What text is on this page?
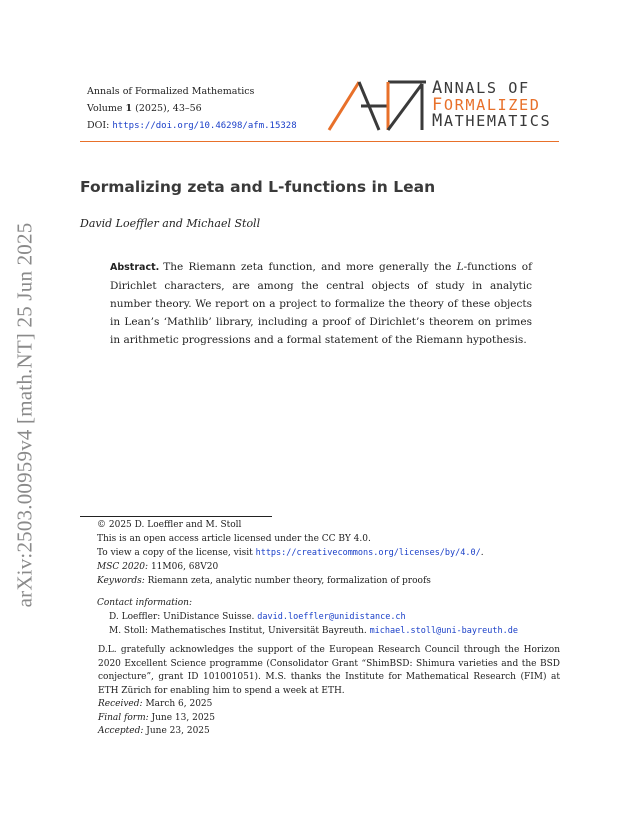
arXiv:2503.00959v4 [math.NT] 25 Jun 2025
Annals of Formalized Mathematics
Volume 1 (2025), 43–56
DOI: https://doi.org/10.46298/afm.15328
ANNALS OF
FORMALIZED
MATHEMATICS
Formalizing zeta and L-functions in Lean
David Loeffler and Michael Stoll
Abstract. The Riemann zeta function, and more generally the L-functions of Dirichlet characters, are among the central objects of study in analytic number theory. We report on a project to formalize the theory of these objects in Lean’s ‘Mathlib’ library, including a proof of Dirichlet’s theorem on primes in arithmetic progressions and a formal statement of the Riemann hypothesis.
© 2025 D. Loeffler and M. Stoll
This is an open access article licensed under the CC BY 4.0.
To view a copy of the license, visit https://creativecommons.org/licenses/by/4.0/.
MSC 2020: 11M06, 68V20
Keywords: Riemann zeta, analytic number theory, formalization of proofs
Contact information:
D. Loeffler: UniDistance Suisse. david.loeffler@unidistance.ch
M. Stoll: Mathematisches Institut, Universität Bayreuth. michael.stoll@uni-bayreuth.de
D.L. gratefully acknowledges the support of the European Research Council through the Horizon 2020 Excellent Science programme (Consolidator Grant “ShimBSD: Shimura varieties and the BSD conjecture”, grant ID 101001051). M.S. thanks the Institute for Mathematical Research (FIM) at ETH Zürich for enabling him to spend a week at ETH.
Received: March 6, 2025
Final form: June 13, 2025
Accepted: June 23, 2025
